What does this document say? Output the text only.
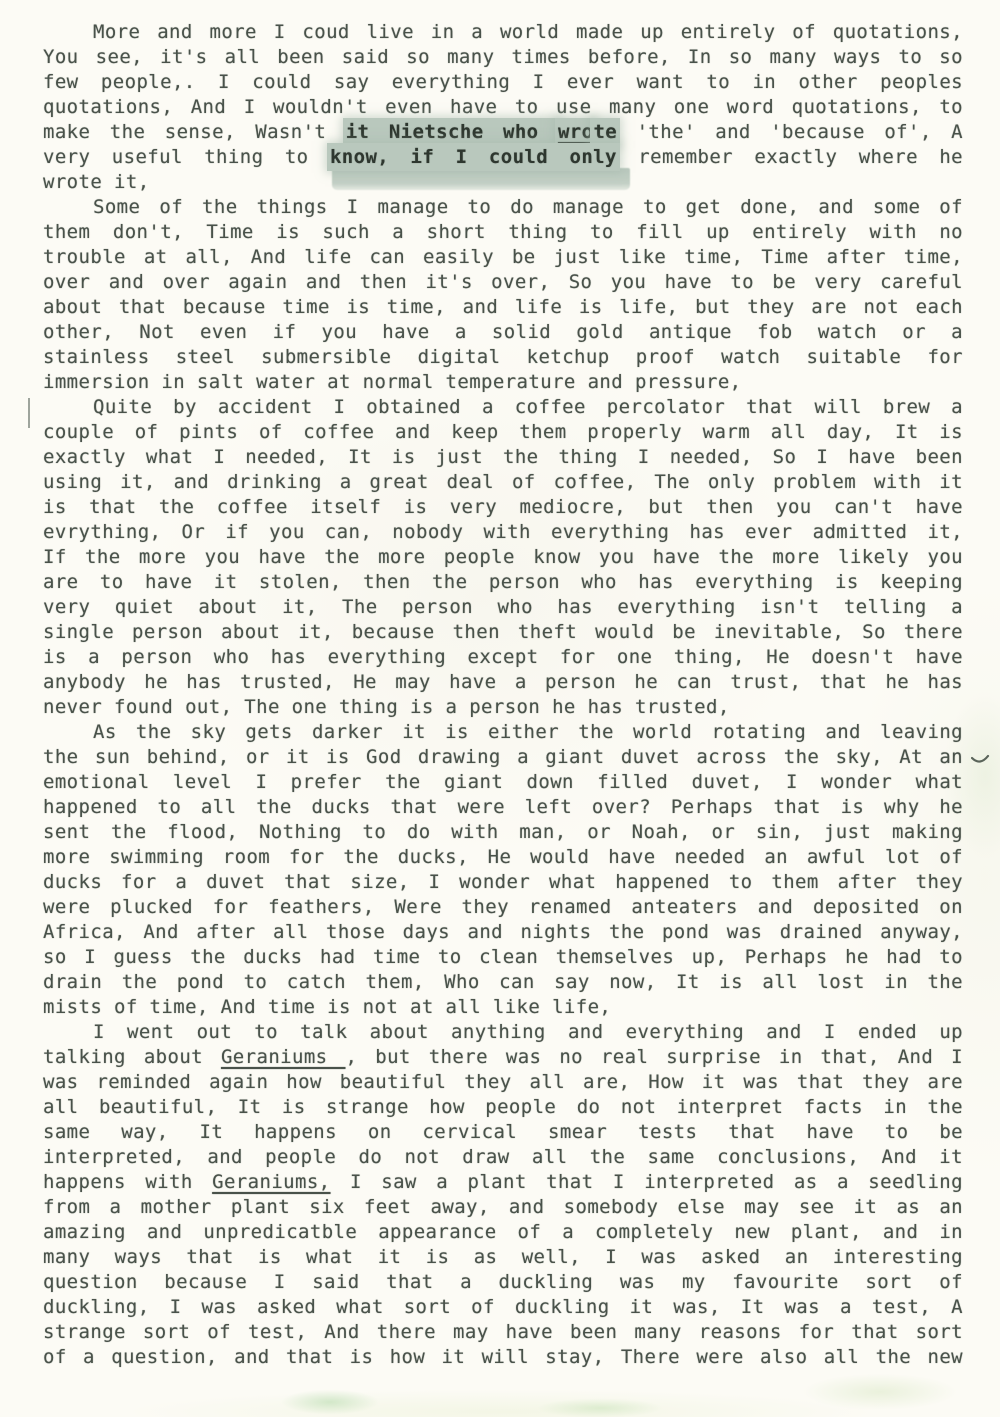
More and more I coud live in a world made up entirely of quotations,
You see, it's all been said so many times before, In so many ways to so
few people,. I could say everything I ever want to in other peoples
quotations, And I wouldn't even have to use many one word quotations, to
make the sense, Wasn't it Nietsche who wrote 'the' and 'because of', A
very useful thing to know, if I could only remember exactly where he
wrote it,
Some of the things I manage to do manage to get done, and some of
them don't, Time is such a short thing to fill up entirely with no
trouble at all, And life can easily be just like time, Time after time,
over and over again and then it's over, So you have to be very careful
about that because time is time, and life is life, but they are not each
other, Not even if you have a solid gold antique fob watch or a
stainless steel submersible digital ketchup proof watch suitable for
immersion in salt water at normal temperature and pressure,
Quite by accident I obtained a coffee percolator that will brew a
couple of pints of coffee and keep them properly warm all day, It is
exactly what I needed, It is just the thing I needed, So I have been
using it, and drinking a great deal of coffee, The only problem with it
is that the coffee itself is very mediocre, but then you can't have
evrything, Or if you can, nobody with everything has ever admitted it,
If the more you have the more people know you have the more likely you
are to have it stolen, then the person who has everything is keeping
very quiet about it, The person who has everything isn't telling a
single person about it, because then theft would be inevitable, So there
is a person who has everything except for one thing, He doesn't have
anybody he has trusted, He may have a person he can trust, that he has
never found out, The one thing is a person he has trusted,
As the sky gets darker it is either the world rotating and leaving
the sun behind, or it is God drawing a giant duvet across the sky, At an
emotional level I prefer the giant down filled duvet, I wonder what
happened to all the ducks that were left over? Perhaps that is why he
sent the flood, Nothing to do with man, or Noah, or sin, just making
more swimming room for the ducks, He would have needed an awful lot of
ducks for a duvet that size, I wonder what happened to them after they
were plucked for feathers, Were they renamed anteaters and deposited on
Africa, And after all those days and nights the pond was drained anyway,
so I guess the ducks had time to clean themselves up, Perhaps he had to
drain the pond to catch them, Who can say now, It is all lost in the
mists of time, And time is not at all like life,
I went out to talk about anything and everything and I ended up
talking about Geraniums , but there was no real surprise in that, And I
was reminded again how beautiful they all are, How it was that they are
all beautiful, It is strange how people do not interpret facts in the
same way, It happens on cervical smear tests that have to be
interpreted, and people do not draw all the same conclusions, And it
happens with Geraniums, I saw a plant that I interpreted as a seedling
from a mother plant six feet away, and somebody else may see it as an
amazing and unpredicatble appearance of a completely new plant, and in
many ways that is what it is as well, I was asked an interesting
question because I said that a duckling was my favourite sort of
duckling, I was asked what sort of duckling it was, It was a test, A
strange sort of test, And there may have been many reasons for that sort
of a question, and that is how it will stay, There were also all the new
